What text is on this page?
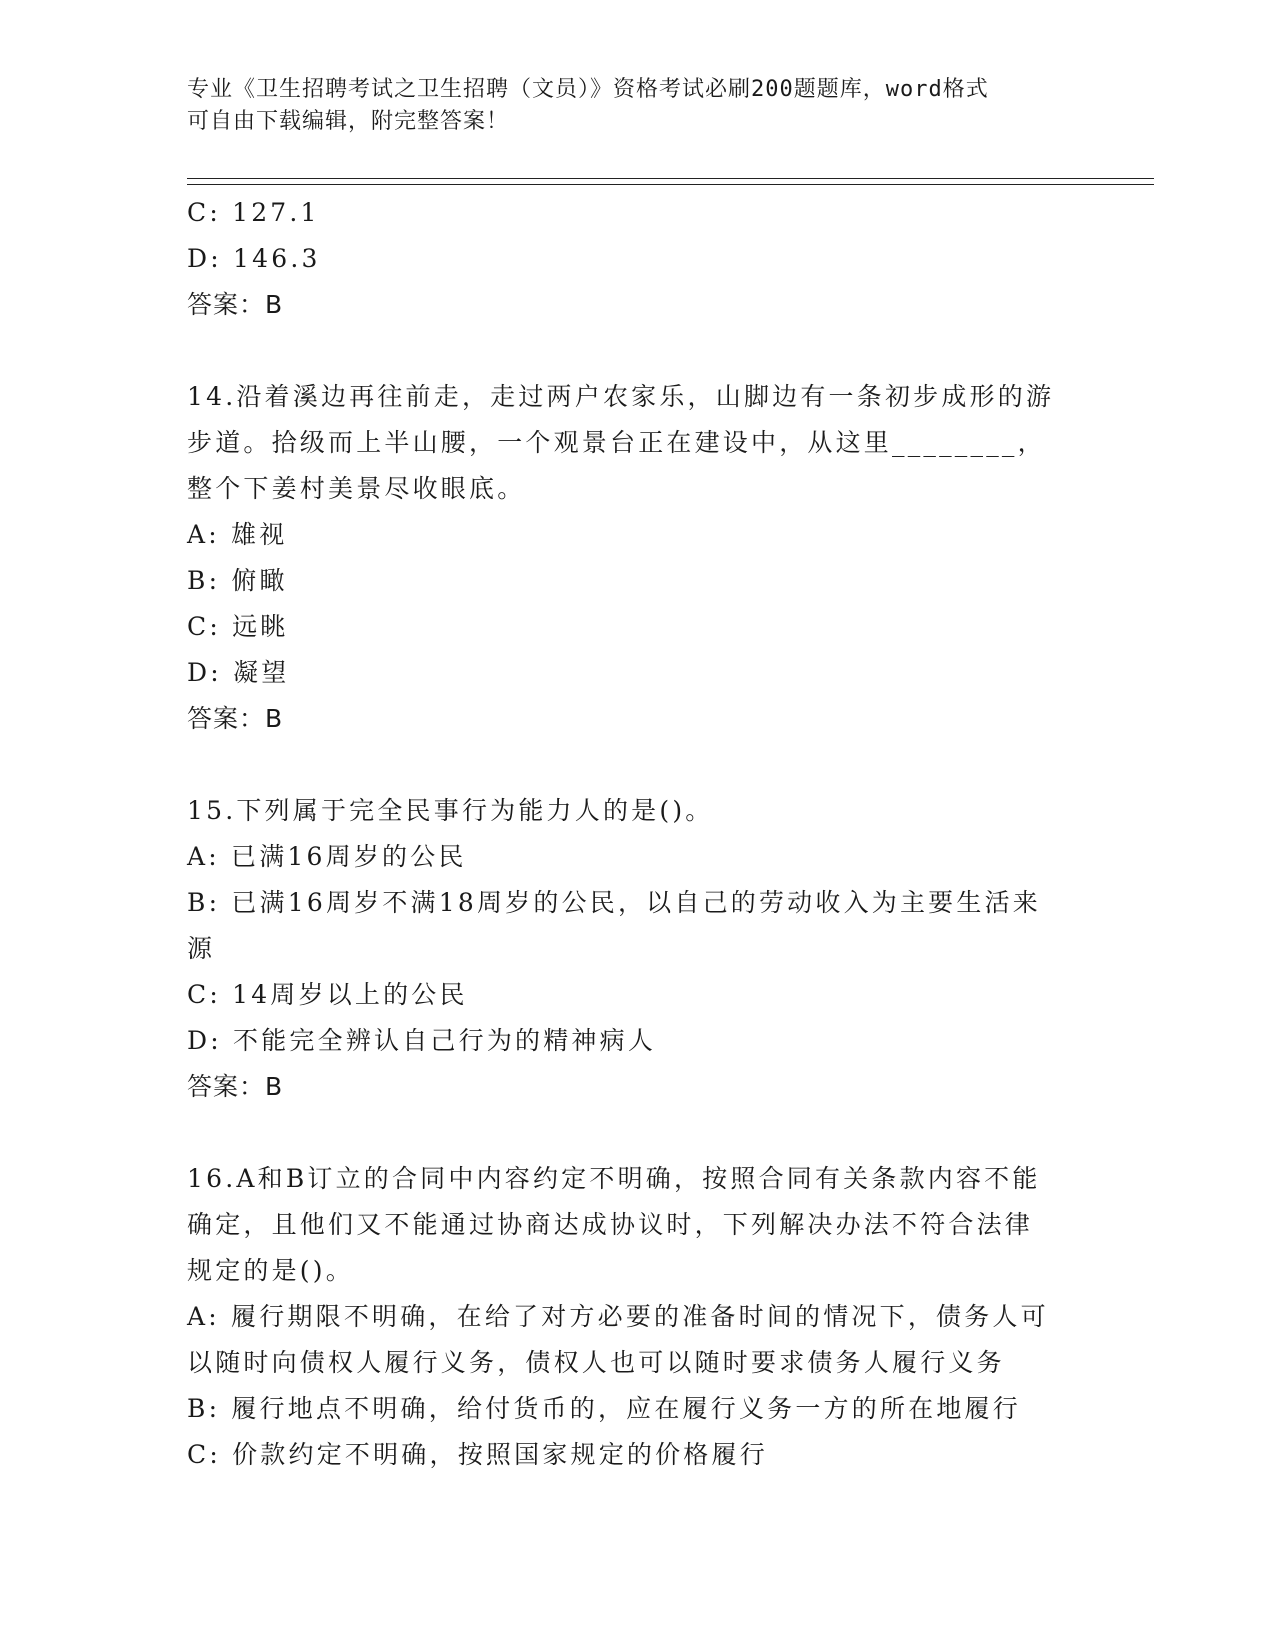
专业《卫生招聘考试之卫生招聘（文员）》资格考试必刷200题题库，word格式
可自由下载编辑，附完整答案！
C: 127.1
D: 146.3
答案：B
14.沿着溪边再往前走，走过两户农家乐，山脚边有一条初步成形的游
步道。拾级而上半山腰，一个观景台正在建设中，从这里________，
整个下姜村美景尽收眼底。
A: 雄视
B: 俯瞰
C: 远眺
D: 凝望
答案：B
15.下列属于完全民事行为能力人的是()。
A: 已满16周岁的公民
B: 已满16周岁不满18周岁的公民，以自己的劳动收入为主要生活来
源
C: 14周岁以上的公民
D: 不能完全辨认自己行为的精神病人
答案：B
16.A和B订立的合同中内容约定不明确，按照合同有关条款内容不能
确定，且他们又不能通过协商达成协议时，下列解决办法不符合法律
规定的是()。
A: 履行期限不明确，在给了对方必要的准备时间的情况下，债务人可
以随时向债权人履行义务，债权人也可以随时要求债务人履行义务
B: 履行地点不明确，给付货币的，应在履行义务一方的所在地履行
C: 价款约定不明确，按照国家规定的价格履行
